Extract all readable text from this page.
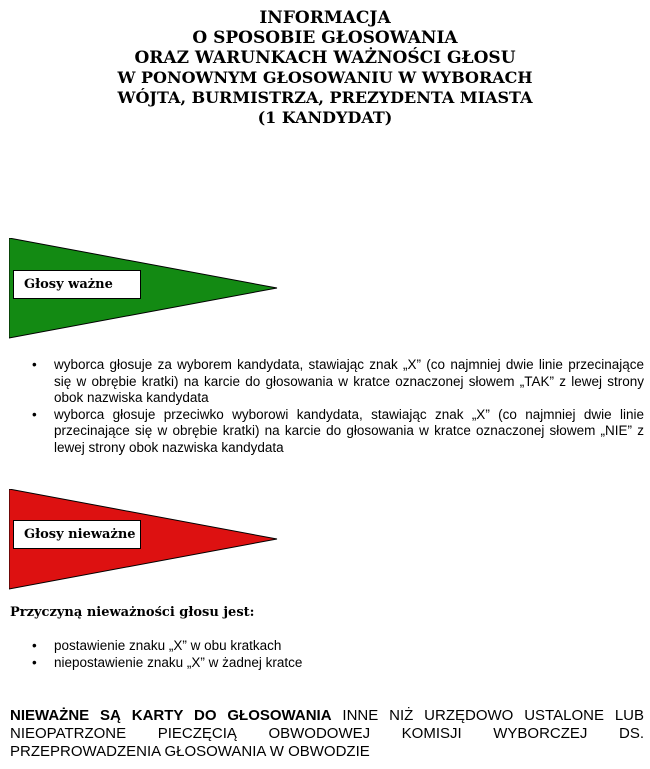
INFORMACJA
O SPOSOBIE GŁOSOWANIA
ORAZ WARUNKACH WAŻNOŚCI GŁOSU
W PONOWNYM GŁOSOWANIU W WYBORACH
WÓJTA, BURMISTRZA, PREZYDENTA MIASTA
(1 KANDYDAT)
Głosy ważne
• wyborca głosuje za wyborem kandydata, stawiając znak „X” (co najmniej dwie linie przecinające się w obrębie kratki) na karcie do głosowania w kratce oznaczonej słowem „TAK” z lewej strony obok nazwiska kandydata
• wyborca głosuje przeciwko wyborowi kandydata, stawiając znak „X” (co najmniej dwie linie przecinające się w obrębie kratki) na karcie do głosowania w kratce oznaczonej słowem „NIE” z lewej strony obok nazwiska kandydata
Głosy nieważne
Przyczyną nieważności głosu jest:
• postawienie znaku „X” w obu kratkach
• niepostawienie znaku „X” w żadnej kratce
NIEWAŻNE SĄ KARTY DO GŁOSOWANIA INNE NIŻ URZĘDOWO USTALONE LUB NIEOPATRZONE PIECZĘCIĄ OBWODOWEJ KOMISJI WYBORCZEJ DS. PRZEPROWADZENIA GŁOSOWANIA W OBWODZIE
